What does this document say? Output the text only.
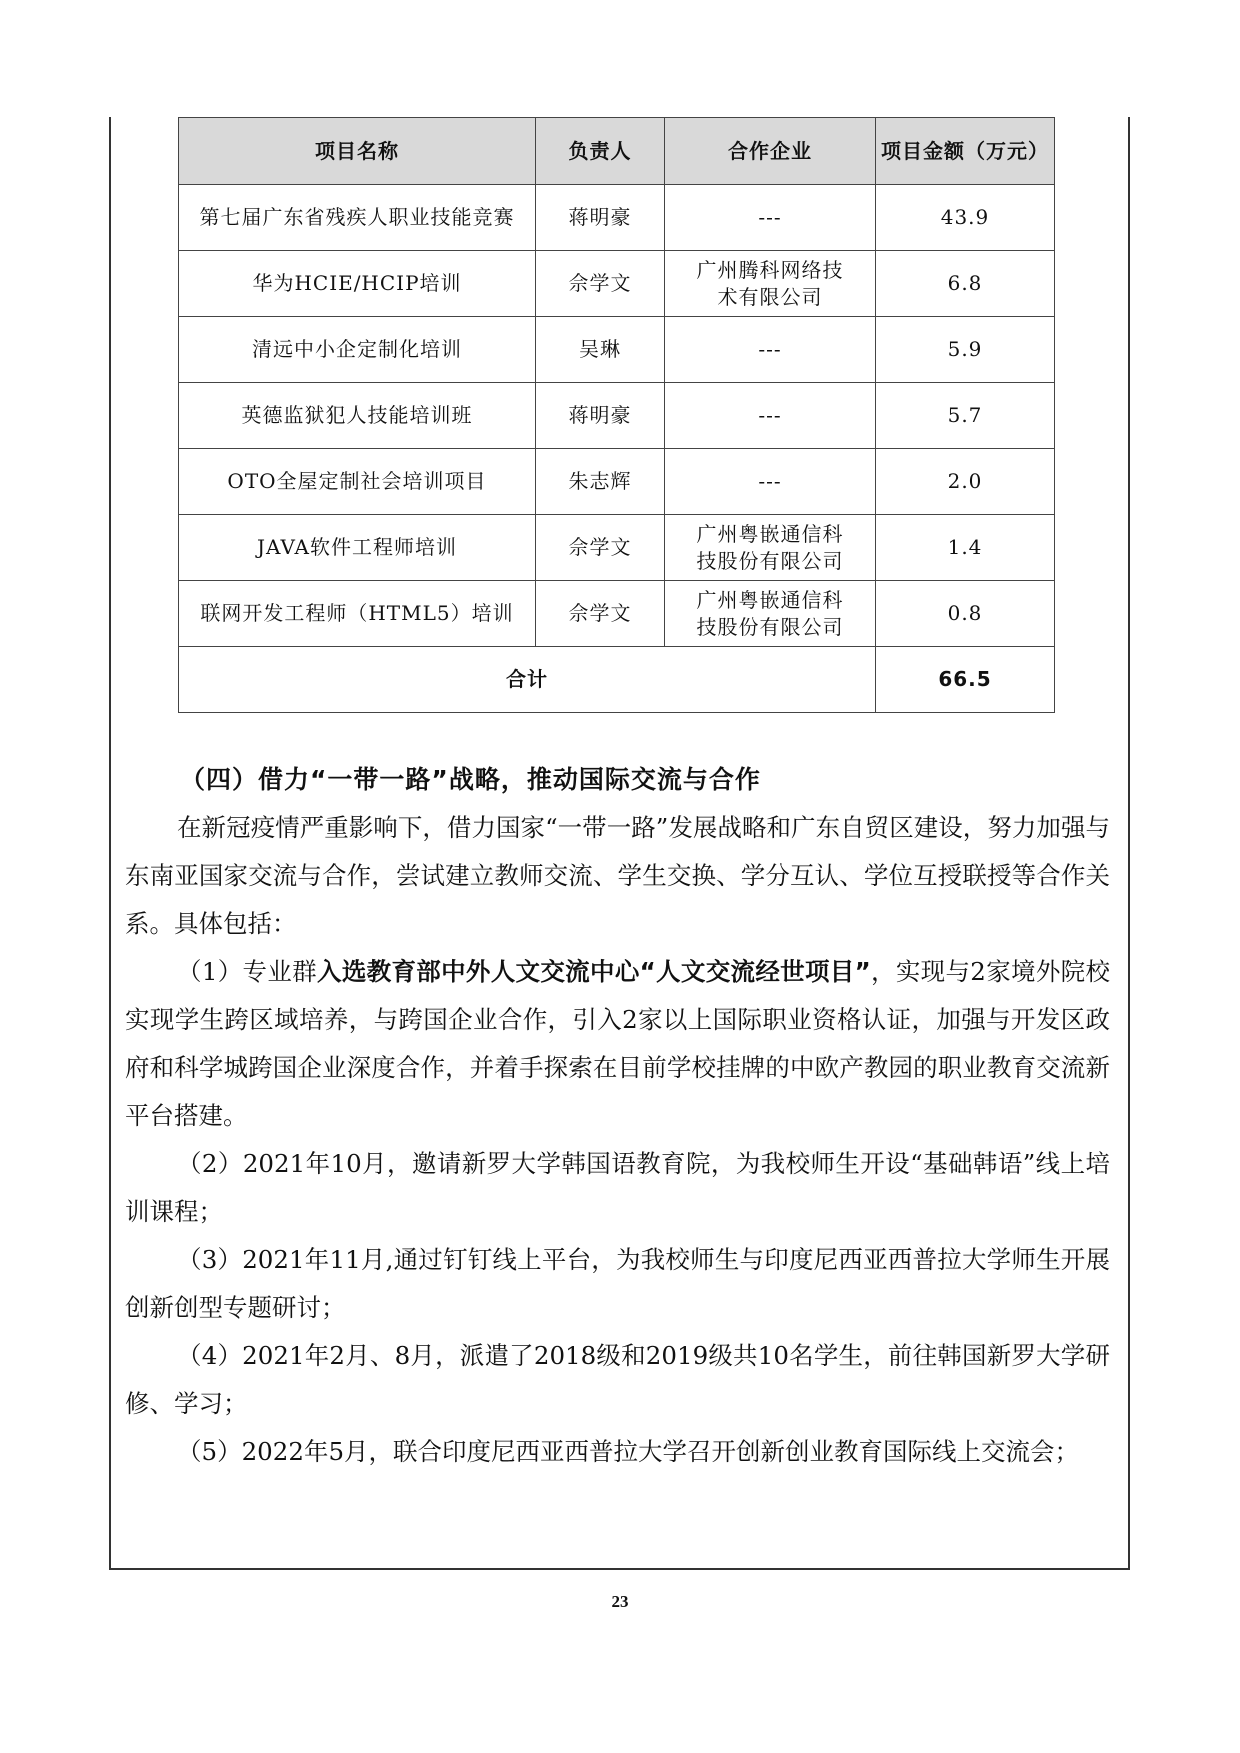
项目名称	负责人	合作企业	项目金额（万元）
第七届广东省残疾人职业技能竞赛	蒋明豪	---	43.9
华为HCIE/HCIP培训	佘学文	广州腾科网络技术有限公司	6.8
清远中小企定制化培训	吴琳	---	5.9
英德监狱犯人技能培训班	蒋明豪	---	5.7
OTO全屋定制社会培训项目	朱志辉	---	2.0
JAVA软件工程师培训	佘学文	广州粤嵌通信科技股份有限公司	1.4
联网开发工程师（HTML5）培训	佘学文	广州粤嵌通信科技股份有限公司	0.8
合计			66.5
（四）借力“一带一路”战略，推动国际交流与合作

在新冠疫情严重影响下，借力国家“一带一路”发展战略和广东自贸区建设，努力加强与东南亚国家交流与合作，尝试建立教师交流、学生交换、学分互认、学位互授联授等合作关系。具体包括：

（1）专业群入选教育部中外人文交流中心“人文交流经世项目”，实现与2家境外院校实现学生跨区域培养，与跨国企业合作，引入2家以上国际职业资格认证，加强与开发区政府和科学城跨国企业深度合作，并着手探索在目前学校挂牌的中欧产教园的职业教育交流新平台搭建。

（2）2021年10月，邀请新罗大学韩国语教育院，为我校师生开设“基础韩语”线上培训课程；

（3）2021年11月,通过钉钉线上平台，为我校师生与印度尼西亚西普拉大学师生开展创新创型专题研讨；

（4）2021年2月、8月，派遣了2018级和2019级共10名学生，前往韩国新罗大学研修、学习；

（5）2022年5月，联合印度尼西亚西普拉大学召开创新创业教育国际线上交流会；

23
